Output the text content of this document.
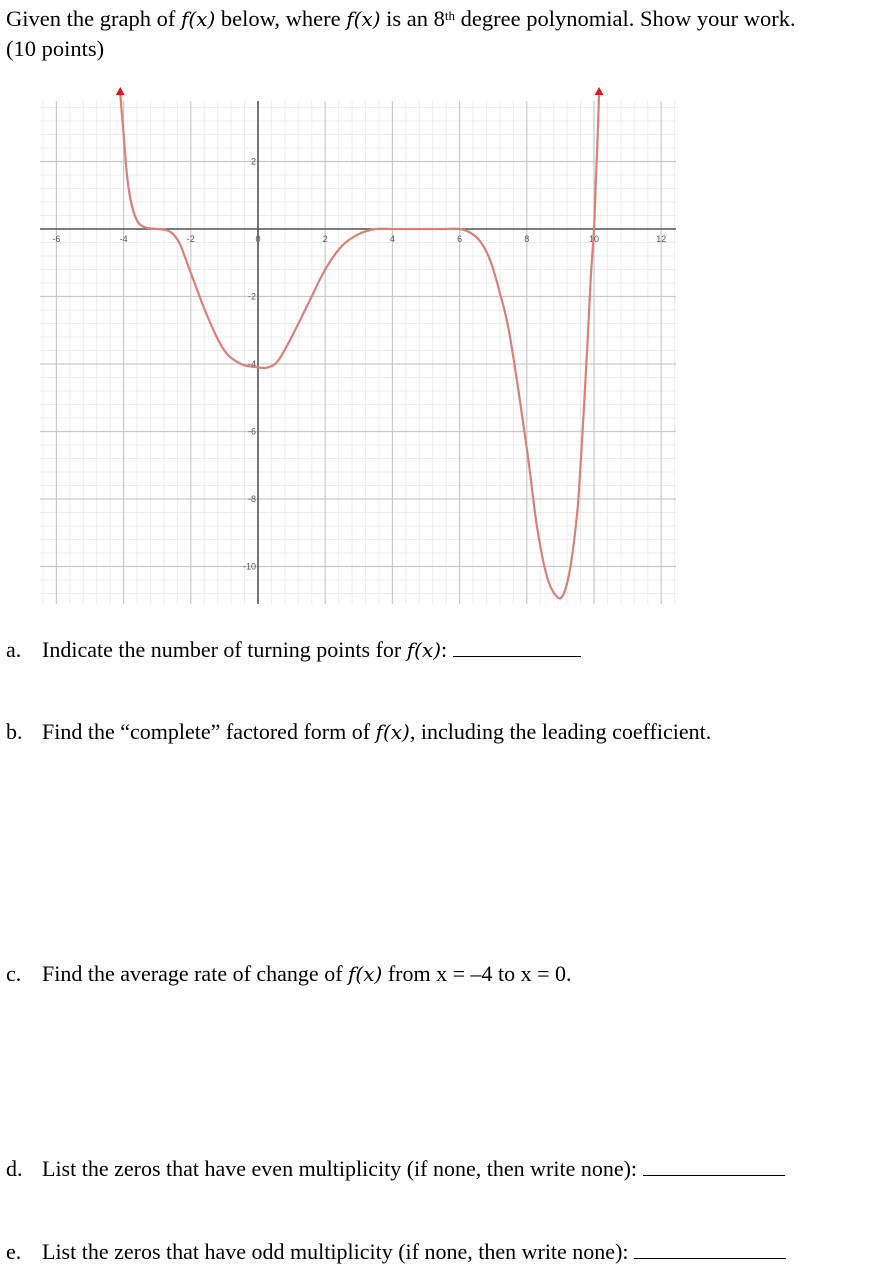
Given the graph of f(x) below, where f(x) is an 8th degree polynomial. Show your work.
(10 points)
-6	-4	-2	0	2	4	6	8	10	12
2
-2
-4
-6
-8
-10
a. Indicate the number of turning points for f(x):
b. Find the “complete” factored form of f(x), including the leading coefficient.
c. Find the average rate of change of f(x) from x = –4 to x = 0.
d. List the zeros that have even multiplicity (if none, then write none):
e. List the zeros that have odd multiplicity (if none, then write none):
